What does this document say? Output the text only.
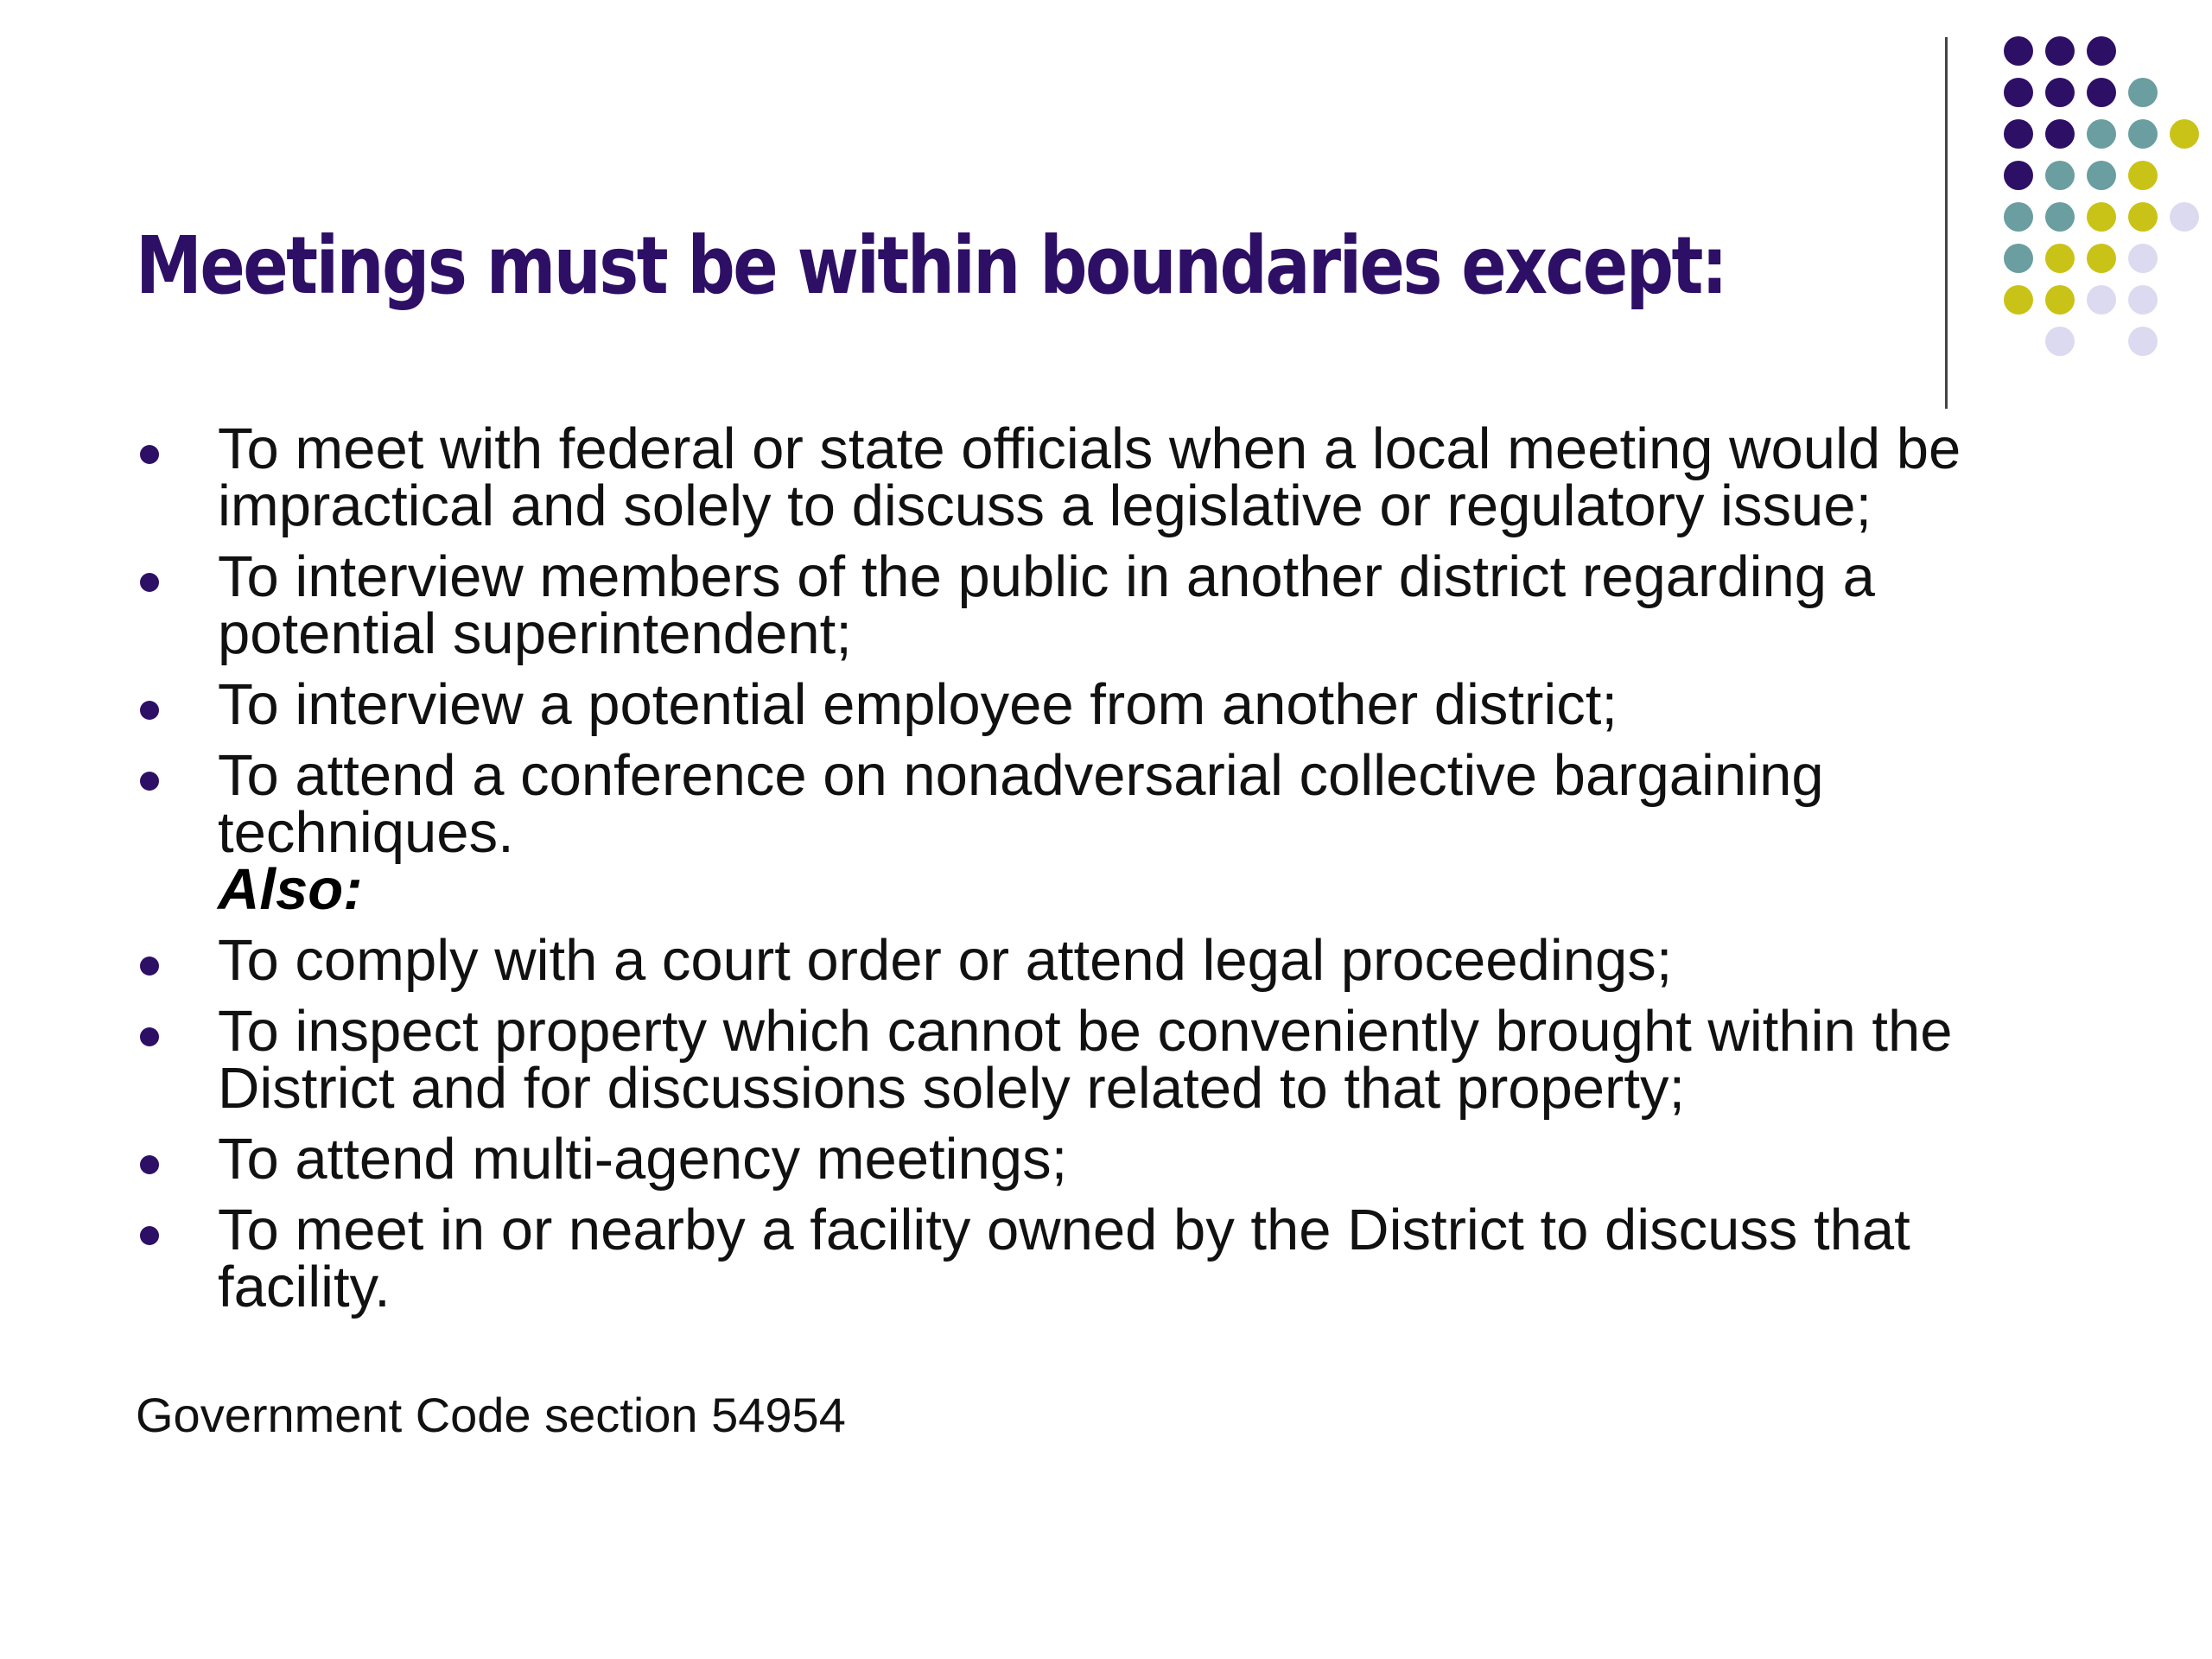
Meetings must be within boundaries except:
To meet with federal or state officials when a local meeting would be impractical and solely to discuss a legislative or regulatory issue;
To interview members of the public in another district regarding a potential superintendent;
To interview a potential employee from another district;
To attend a conference on nonadversarial collective bargaining techniques.
Also:
To comply with a court order or attend legal proceedings;
To inspect property which cannot be conveniently brought within the District and for discussions solely related to that property;
To attend multi-agency meetings;
To meet in or nearby a facility owned by the District to discuss that facility.
Government Code section 54954
